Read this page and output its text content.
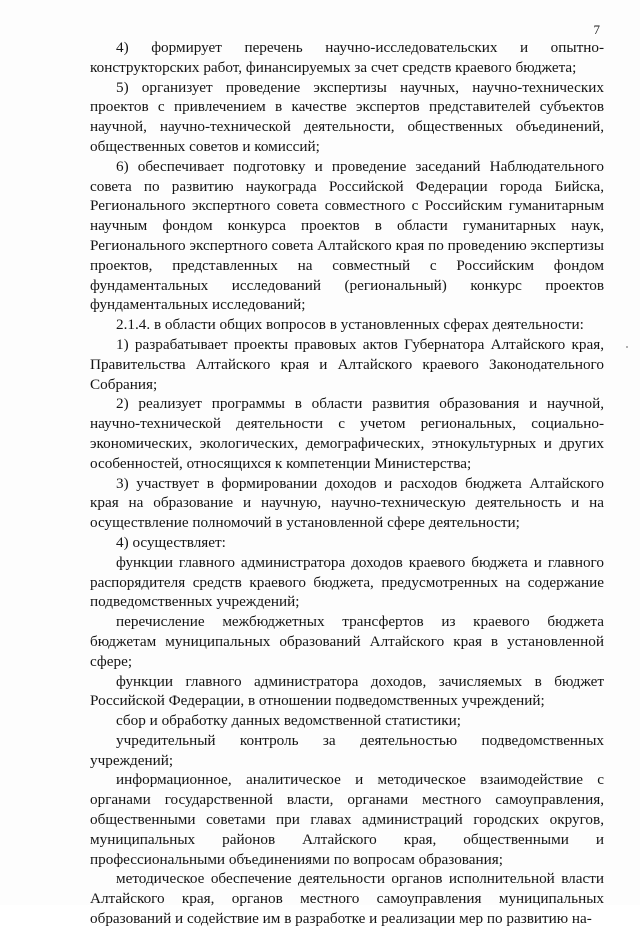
7

4) формирует перечень научно-исследовательских и опытно-конструкторских работ, финансируемых за счет средств краевого бюджета;

5) организует проведение экспертизы научных, научно-технических проектов с привлечением в качестве экспертов представителей субъектов научной, научно-технической деятельности, общественных объединений, общественных советов и комиссий;

6) обеспечивает подготовку и проведение заседаний Наблюдательного совета по развитию наукограда Российской Федерации города Бийска, Регионального экспертного совета совместного с Российским гуманитарным научным фондом конкурса проектов в области гуманитарных наук, Регионального экспертного совета Алтайского края по проведению экспертизы проектов, представленных на совместный с Российским фондом фундаментальных исследований (региональный) конкурс проектов фундаментальных исследований;

2.1.4. в области общих вопросов в установленных сферах деятельности:

1) разрабатывает проекты правовых актов Губернатора Алтайского края, Правительства Алтайского края и Алтайского краевого Законодательного Собрания;

2) реализует программы в области развития образования и научной, научно-технической деятельности с учетом региональных, социально-экономических, экологических, демографических, этнокультурных и других особенностей, относящихся к компетенции Министерства;

3) участвует в формировании доходов и расходов бюджета Алтайского края на образование и научную, научно-техническую деятельность и на осуществление полномочий в установленной сфере деятельности;

4) осуществляет:

функции главного администратора доходов краевого бюджета и главного распорядителя средств краевого бюджета, предусмотренных на содержание подведомственных учреждений;

перечисление межбюджетных трансфертов из краевого бюджета бюджетам муниципальных образований Алтайского края в установленной сфере;

функции главного администратора доходов, зачисляемых в бюджет Российской Федерации, в отношении подведомственных учреждений;

сбор и обработку данных ведомственной статистики;

учредительный контроль за деятельностью подведомственных учреждений;

информационное, аналитическое и методическое взаимодействие с органами государственной власти, органами местного самоуправления, общественными советами при главах администраций городских округов, муниципальных районов Алтайского края, общественными и профессиональными объединениями по вопросам образования;

методическое обеспечение деятельности органов исполнительной власти Алтайского края, органов местного самоуправления муниципальных образований и содействие им в разработке и реализации мер по развитию на-
